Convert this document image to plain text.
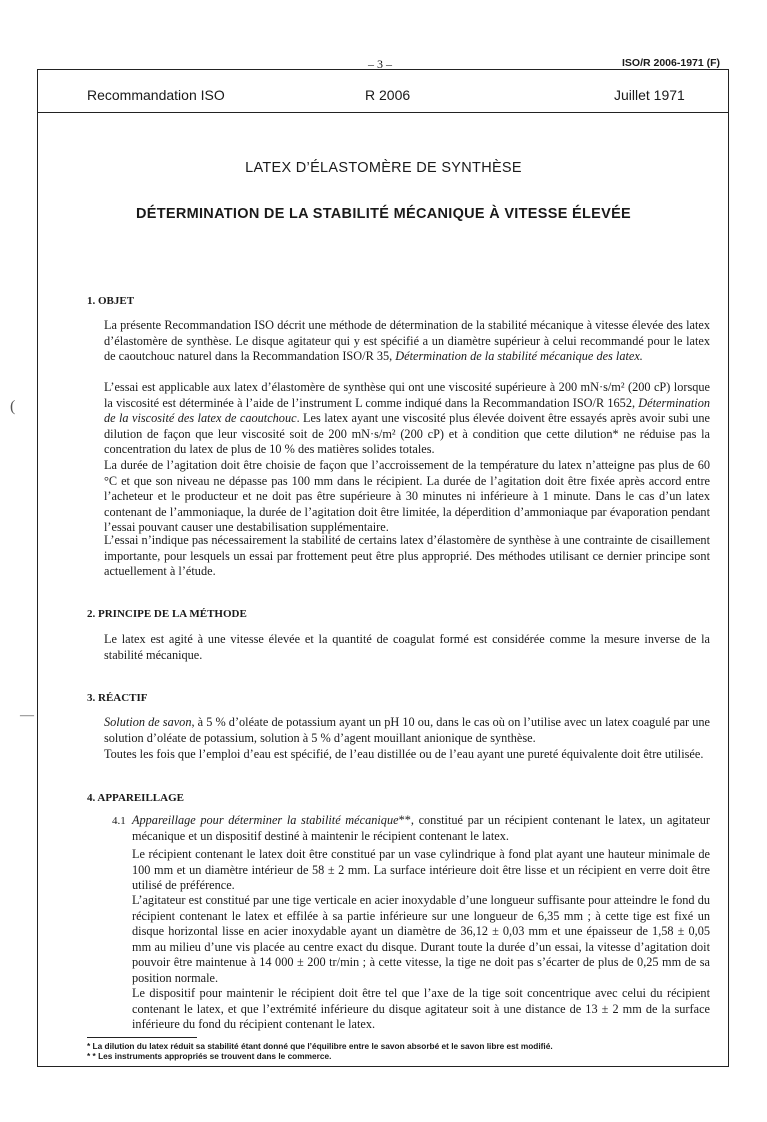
– 3 –	ISO/R 2006-1971 (F)
Recommandation ISO	R 2006	Juillet 1971
LATEX D’ÉLASTOMÈRE DE SYNTHÈSE
DÉTERMINATION DE LA STABILITÉ MÉCANIQUE À VITESSE ÉLEVÉE
1. OBJET
La présente Recommandation ISO décrit une méthode de détermination de la stabilité mécanique à vitesse élevée des latex d’élastomère de synthèse. Le disque agitateur qui y est spécifié a un diamètre supérieur à celui recommandé pour le latex de caoutchouc naturel dans la Recommandation ISO/R 35, Détermination de la stabilité mécanique des latex.
L’essai est applicable aux latex d’élastomère de synthèse qui ont une viscosité supérieure à 200 mN·s/m² (200 cP) lorsque la viscosité est déterminée à l’aide de l’instrument L comme indiqué dans la Recommandation ISO/R 1652, Détermination de la viscosité des latex de caoutchouc. Les latex ayant une viscosité plus élevée doivent être essayés après avoir subi une dilution de façon que leur viscosité soit de 200 mN·s/m² (200 cP) et à condition que cette dilution* ne réduise pas la concentration du latex de plus de 10 % des matières solides totales.
La durée de l’agitation doit être choisie de façon que l’accroissement de la température du latex n’atteigne pas plus de 60 °C et que son niveau ne dépasse pas 100 mm dans le récipient. La durée de l’agitation doit être fixée après accord entre l’acheteur et le producteur et ne doit pas être supérieure à 30 minutes ni inférieure à 1 minute. Dans le cas d’un latex contenant de l’ammoniaque, la durée de l’agitation doit être limitée, la déperdition d’ammoniaque par évaporation pendant l’essai pouvant causer une destabilisation supplémentaire.
L’essai n’indique pas nécessairement la stabilité de certains latex d’élastomère de synthèse à une contrainte de cisaillement importante, pour lesquels un essai par frottement peut être plus approprié. Des méthodes utilisant ce dernier principe sont actuellement à l’étude.
2. PRINCIPE DE LA MÉTHODE
Le latex est agité à une vitesse élevée et la quantité de coagulat formé est considérée comme la mesure inverse de la stabilité mécanique.
3. RÉACTIF
Solution de savon, à 5 % d’oléate de potassium ayant un pH 10 ou, dans le cas où on l’utilise avec un latex coagulé par une solution d’oléate de potassium, solution à 5 % d’agent mouillant anionique de synthèse.
Toutes les fois que l’emploi d’eau est spécifié, de l’eau distillée ou de l’eau ayant une pureté équivalente doit être utilisée.
4. APPAREILLAGE
4.1 Appareillage pour déterminer la stabilité mécanique**, constitué par un récipient contenant le latex, un agitateur mécanique et un dispositif destiné à maintenir le récipient contenant le latex.
Le récipient contenant le latex doit être constitué par un vase cylindrique à fond plat ayant une hauteur minimale de 100 mm et un diamètre intérieur de 58 ± 2 mm. La surface intérieure doit être lisse et un récipient en verre doit être utilisé de préférence.
L’agitateur est constitué par une tige verticale en acier inoxydable d’une longueur suffisante pour atteindre le fond du récipient contenant le latex et effilée à sa partie inférieure sur une longueur de 6,35 mm ; à cette tige est fixé un disque horizontal lisse en acier inoxydable ayant un diamètre de 36,12 ± 0,03 mm et une épaisseur de 1,58 ± 0,05 mm au milieu d’une vis placée au centre exact du disque. Durant toute la durée d’un essai, la vitesse d’agitation doit pouvoir être maintenue à 14 000 ± 200 tr/min ; à cette vitesse, la tige ne doit pas s’écarter de plus de 0,25 mm de sa position normale.
Le dispositif pour maintenir le récipient doit être tel que l’axe de la tige soit concentrique avec celui du récipient contenant le latex, et que l’extrémité inférieure du disque agitateur soit à une distance de 13 ± 2 mm de la surface inférieure du fond du récipient contenant le latex.
* La dilution du latex réduit sa stabilité étant donné que l’équilibre entre le savon absorbé et le savon libre est modifié.
* * Les instruments appropriés se trouvent dans le commerce.
(
—
